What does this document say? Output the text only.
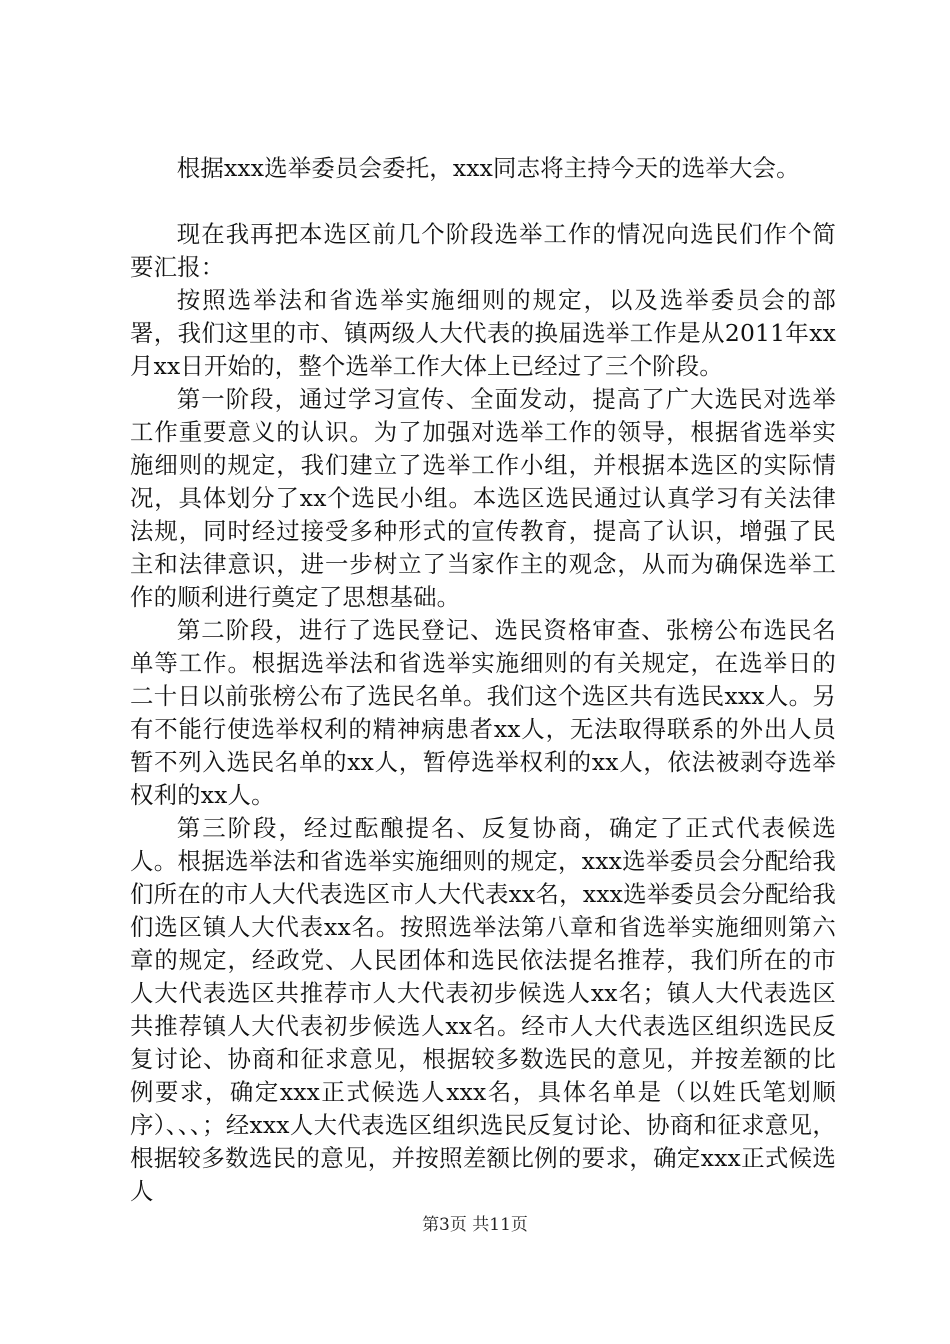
根据xxx选举委员会委托，xxx同志将主持今天的选举大会。

现在我再把本选区前几个阶段选举工作的情况向选民们作个简要汇报：

按照选举法和省选举实施细则的规定，以及选举委员会的部署，我们这里的市、镇两级人大代表的换届选举工作是从2011年xx月xx日开始的，整个选举工作大体上已经过了三个阶段。

第一阶段，通过学习宣传、全面发动，提高了广大选民对选举工作重要意义的认识。为了加强对选举工作的领导，根据省选举实施细则的规定，我们建立了选举工作小组，并根据本选区的实际情况，具体划分了xx个选民小组。本选区选民通过认真学习有关法律法规，同时经过接受多种形式的宣传教育，提高了认识，增强了民主和法律意识，进一步树立了当家作主的观念，从而为确保选举工作的顺利进行奠定了思想基础。

第二阶段，进行了选民登记、选民资格审查、张榜公布选民名单等工作。根据选举法和省选举实施细则的有关规定，在选举日的二十日以前张榜公布了选民名单。我们这个选区共有选民xxx人。另有不能行使选举权利的精神病患者xx人，无法取得联系的外出人员暂不列入选民名单的xx人，暂停选举权利的xx人，依法被剥夺选举权利的xx人。

第三阶段，经过酝酿提名、反复协商，确定了正式代表候选人。根据选举法和省选举实施细则的规定，xxx选举委员会分配给我们所在的市人大代表选区市人大代表xx名，xxx选举委员会分配给我们选区镇人大代表xx名。按照选举法第八章和省选举实施细则第六章的规定，经政党、人民团体和选民依法提名推荐，我们所在的市人大代表选区共推荐市人大代表初步候选人xx名；镇人大代表选区共推荐镇人大代表初步候选人xx名。经市人大代表选区组织选民反复讨论、协商和征求意见，根据较多数选民的意见，并按差额的比例要求，确定xxx正式候选人xxx名，具体名单是（以姓氏笔划顺序）、、、；经xxx人大代表选区组织选民反复讨论、协商和征求意见，根据较多数选民的意见，并按照差额比例的要求，确定xxx正式候选人

第3页 共11页
